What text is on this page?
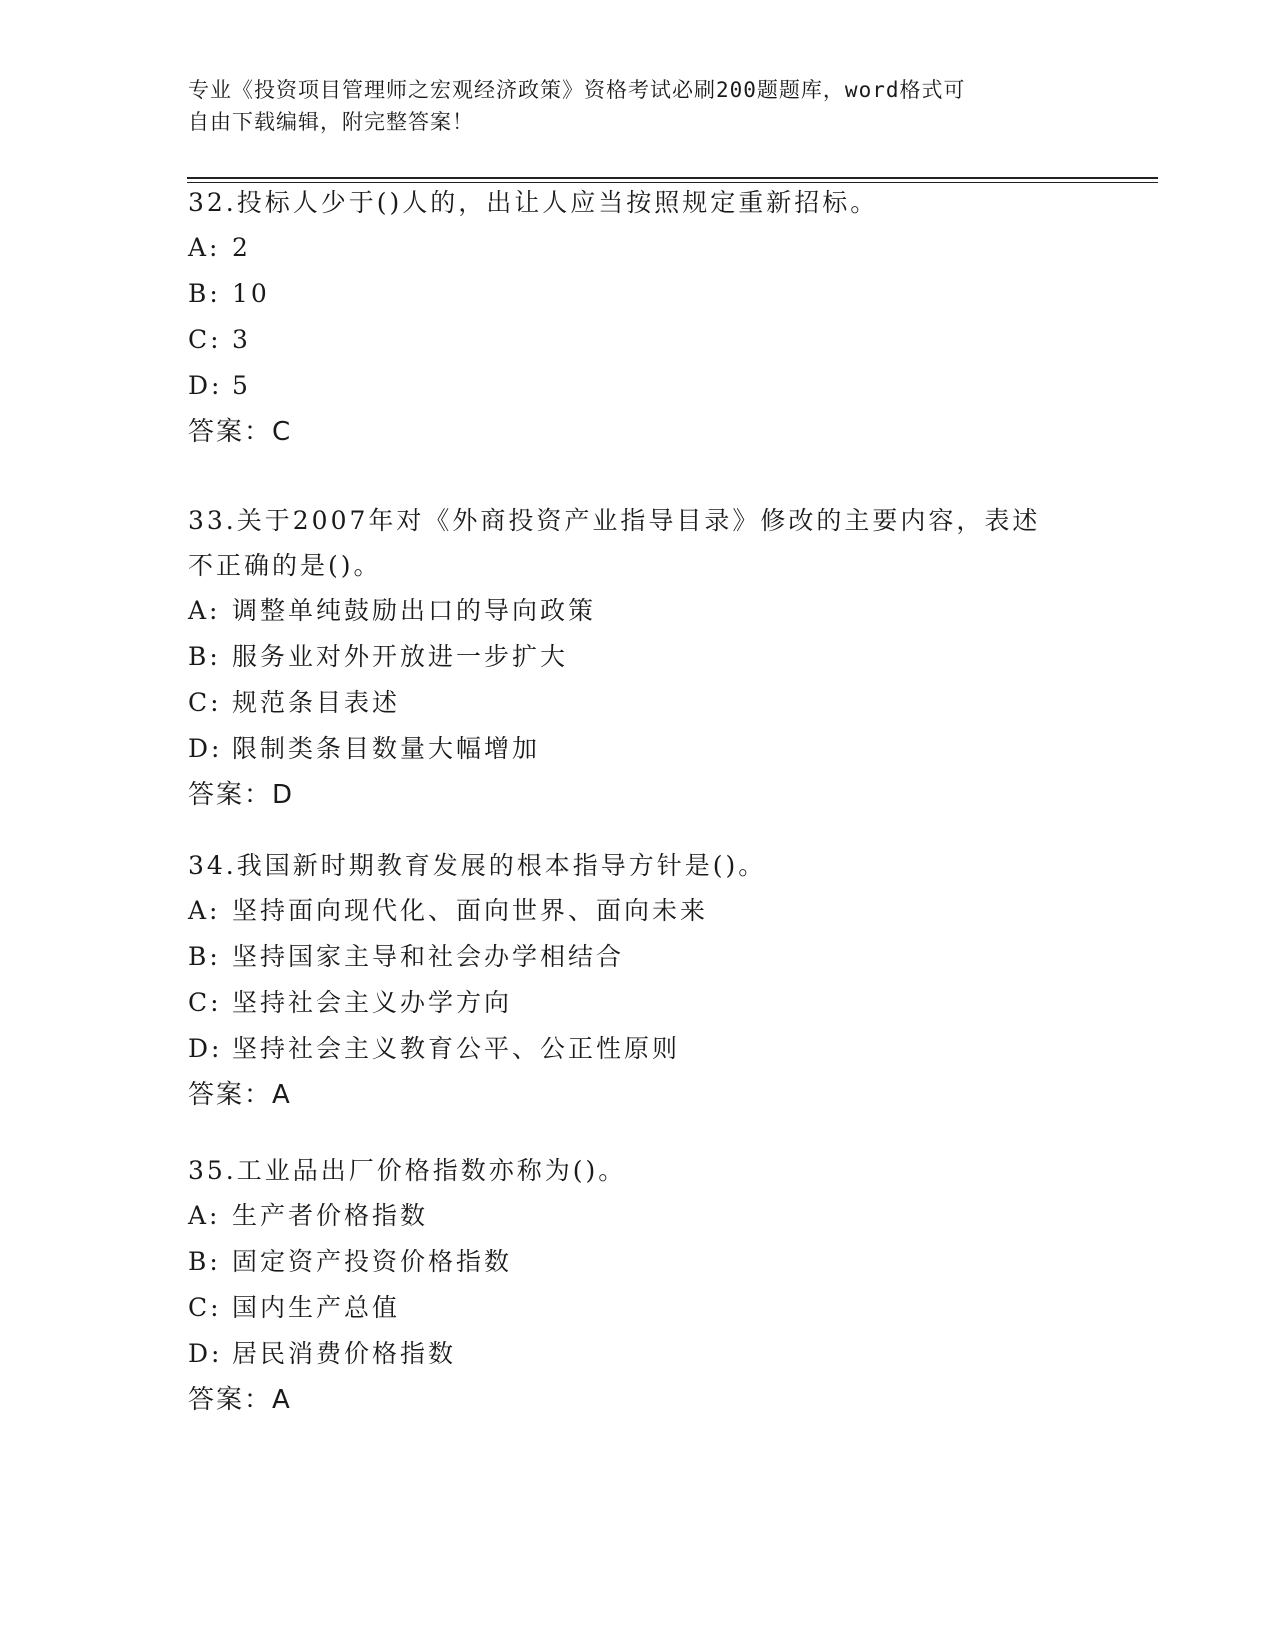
专业《投资项目管理师之宏观经济政策》资格考试必刷200题题库，word格式可
自由下载编辑，附完整答案！
32.投标人少于()人的，出让人应当按照规定重新招标。
A: 2
B: 10
C: 3
D: 5
答案：C
33.关于2007年对《外商投资产业指导目录》修改的主要内容，表述不正确的是()。
A: 调整单纯鼓励出口的导向政策
B: 服务业对外开放进一步扩大
C: 规范条目表述
D: 限制类条目数量大幅增加
答案：D
34.我国新时期教育发展的根本指导方针是()。
A: 坚持面向现代化、面向世界、面向未来
B: 坚持国家主导和社会办学相结合
C: 坚持社会主义办学方向
D: 坚持社会主义教育公平、公正性原则
答案：A
35.工业品出厂价格指数亦称为()。
A: 生产者价格指数
B: 固定资产投资价格指数
C: 国内生产总值
D: 居民消费价格指数
答案：A
